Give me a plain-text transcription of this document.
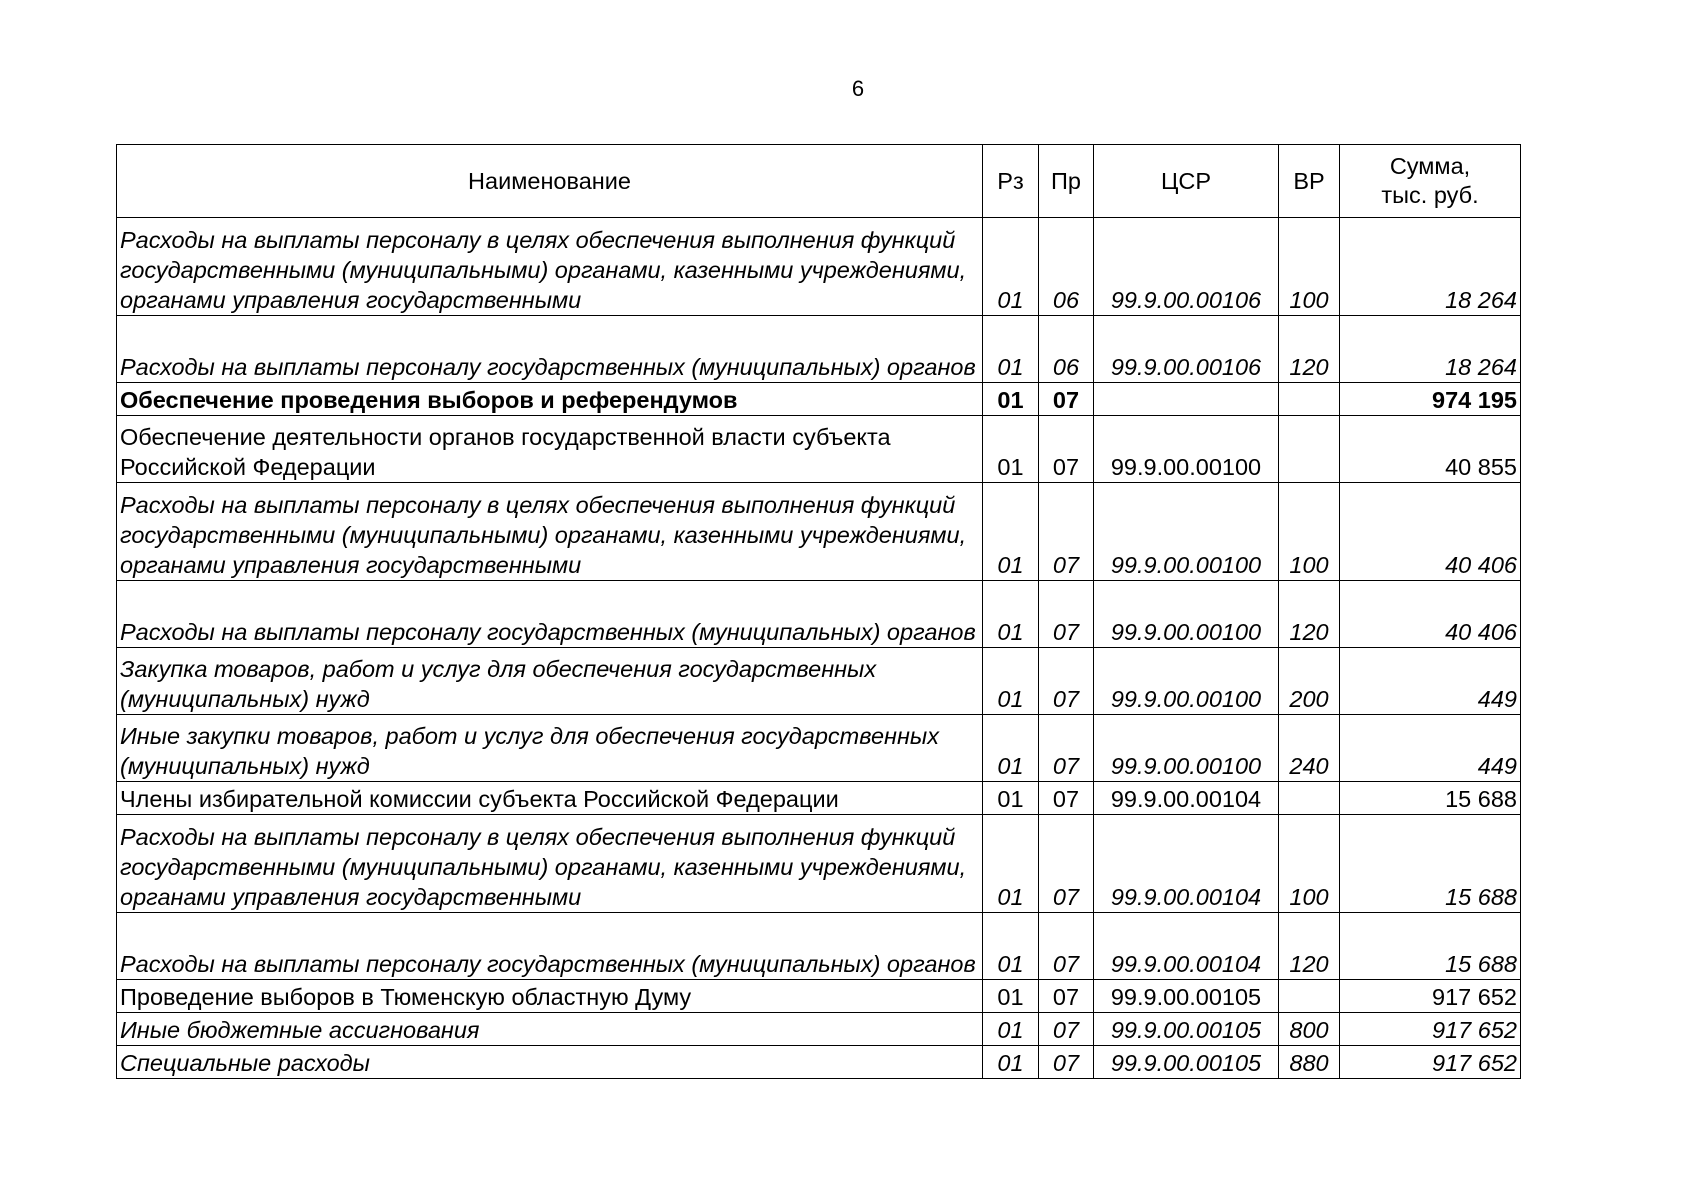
6
Наименование	Рз	Пр	ЦСР	ВР	Сумма,
тыс. руб.
Расходы на выплаты персоналу в целях обеспечения выполнения функций государственными (муниципальными) органами, казенными учреждениями, органами управления государственными	01	06	99.9.00.00106	100	18 264
Расходы на выплаты персоналу государственных (муниципальных) органов	01	06	99.9.00.00106	120	18 264
Обеспечение проведения выборов и референдумов	01	07			974 195
Обеспечение деятельности органов государственной власти субъекта Российской Федерации	01	07	99.9.00.00100		40 855
Расходы на выплаты персоналу в целях обеспечения выполнения функций государственными (муниципальными) органами, казенными учреждениями, органами управления государственными	01	07	99.9.00.00100	100	40 406
Расходы на выплаты персоналу государственных (муниципальных) органов	01	07	99.9.00.00100	120	40 406
Закупка товаров, работ и услуг для обеспечения государственных (муниципальных) нужд	01	07	99.9.00.00100	200	449
Иные закупки товаров, работ и услуг для обеспечения государственных (муниципальных) нужд	01	07	99.9.00.00100	240	449
Члены избирательной комиссии субъекта Российской Федерации	01	07	99.9.00.00104		15 688
Расходы на выплаты персоналу в целях обеспечения выполнения функций государственными (муниципальными) органами, казенными учреждениями, органами управления государственными	01	07	99.9.00.00104	100	15 688
Расходы на выплаты персоналу государственных (муниципальных) органов	01	07	99.9.00.00104	120	15 688
Проведение выборов в Тюменскую областную Думу	01	07	99.9.00.00105		917 652
Иные бюджетные ассигнования	01	07	99.9.00.00105	800	917 652
Специальные расходы	01	07	99.9.00.00105	880	917 652
